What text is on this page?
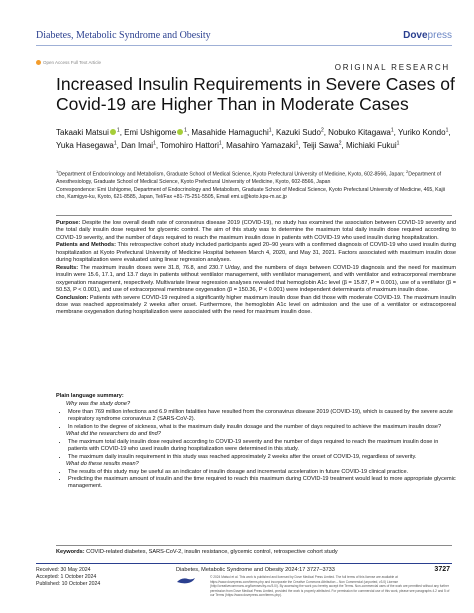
Diabetes, Metabolic Syndrome and Obesity	Dovepress
Open Access Full Text Article
ORIGINAL RESEARCH
Increased Insulin Requirements in Severe Cases of
Covid-19 are Higher Than in Moderate Cases
Takaaki Matsui $^1$, Emi Ushigome $^1$, Masahide Hamaguchi$^1$, Kazuki Sudo$^2$, Nobuko Kitagawa$^1$, Yuriko Kondo$^1$, Yuka Hasegawa$^1$, Dan Imai$^1$, Tomohiro Hattori$^1$, Masahiro Yamazaki$^1$, Teiji Sawa$^2$, Michiaki Fukui$^1$
$^1$Department of Endocrinology and Metabolism, Graduate School of Medical Science, Kyoto Prefectural University of Medicine, Kyoto, 602-8566, Japan; $^2$Department of Anesthesiology, Graduate School of Medical Science, Kyoto Prefectural University of Medicine, Kyoto, 602-8566, Japan
Correspondence: Emi Ushigome, Department of Endocrinology and Metabolism, Graduate School of Medical Science, Kyoto Prefectural University of Medicine, 465, Kajii cho, Kamigyo-ku, Kyoto, 621-8585, Japan, Tel/Fax +81-75-251-5505, Email emi.u@koto.kpu-m.ac.jp

Purpose: Despite the low overall death rate of coronavirus disease 2019 (COVID-19), no study has examined the association between COVID-19 severity and the total daily insulin dose required for glycemic control. The aim of this study was to determine the maximum total daily insulin dose required according to COVID-19 severity, and the number of days required to reach the maximum insulin dose in patients with COVID-19 who used insulin during hospitalization.

Patients and Methods: This retrospective cohort study included participants aged 20–90 years with a confirmed diagnosis of COVID-19 who used insulin during hospitalization at Kyoto Prefectural University of Medicine Hospital between March 4, 2020, and May 31, 2021. Factors associated with maximum insulin dose during hospitalization were evaluated using linear regression analyses.

Results: The maximum insulin doses were 31.8, 76.8, and 230.7 U/day, and the numbers of days between COVID-19 diagnosis and the need for maximum insulin were 15.6, 17.1, and 13.7 days in patients without ventilator management, with ventilator management, and with ventilator and extracorporeal membrane oxygenation management, respectively. Multivariate linear regression analyses revealed that hemoglobin A1c level (β = 15.87, P = 0.001), use of a ventilator (β = 50.53, P < 0.001), and use of extracorporeal membrane oxygenation (β = 150.36, P < 0.001) were independent determinants of maximum insulin dose.

Conclusion: Patients with severe COVID-19 required a significantly higher maximum insulin dose than did those with moderate COVID-19. The maximum insulin dose was reached approximately 2 weeks after onset. Furthermore, the hemoglobin A1c level on admission and the use of a ventilator or extracorporeal membrane oxygenation during hospitalization were associated with the need for maximum insulin dose.

Plain language summary:
Why was the study done?
• More than 769 million infections and 6.9 million fatalities have resulted from the coronavirus disease 2019 (COVID-19), which is caused by the severe acute respiratory syndrome coronavirus 2 (SARS-CoV-2).
• In relation to the degree of sickness, what is the maximum daily insulin dosage and the number of days required to achieve the maximum insulin dose?
What did the researchers do and find?
• The maximum total daily insulin dose required according to COVID-19 severity and the number of days required to reach the maximum insulin dose in patients with COVID-19 who used insulin during hospitalization were determined in this study.
• The maximum daily insulin requirement in this study was reached approximately 2 weeks after the onset of COVID-19, regardless of severity.
What do these results mean?
• The results of this study may be useful as an indicator of insulin dosage and incremental acceleration in future COVID-19 clinical practice.
• Predicting the maximum amount of insulin and the time required to reach this maximum during COVID-19 treatment would lead to more appropriate glycemic management.
Keywords: COVID-related diabetes, SARS-CoV-2, insulin resistance, glycemic control, retrospective cohort study
Received: 30 May 2024
Accepted: 1 October 2024
Published: 10 October 2024
Diabetes, Metabolic Syndrome and Obesity 2024:17 3727–3733	3727
© 2024 Matsui et al. This work is published and licensed by Dove Medical Press Limited. The full terms of this license are available at https://www.dovepress.com/terms.php and incorporate the Creative Commons Attribution – Non Commercial (unported, v3.0) License (http://creativecommons.org/licenses/by-nc/3.0/). By accessing the work you hereby accept the Terms. Non-commercial uses of the work are permitted without any further permission from Dove Medical Press Limited, provided the work is properly attributed. For permission for commercial use of this work, please see paragraphs 4.2 and 5 of our Terms (https://www.dovepress.com/terms.php).
